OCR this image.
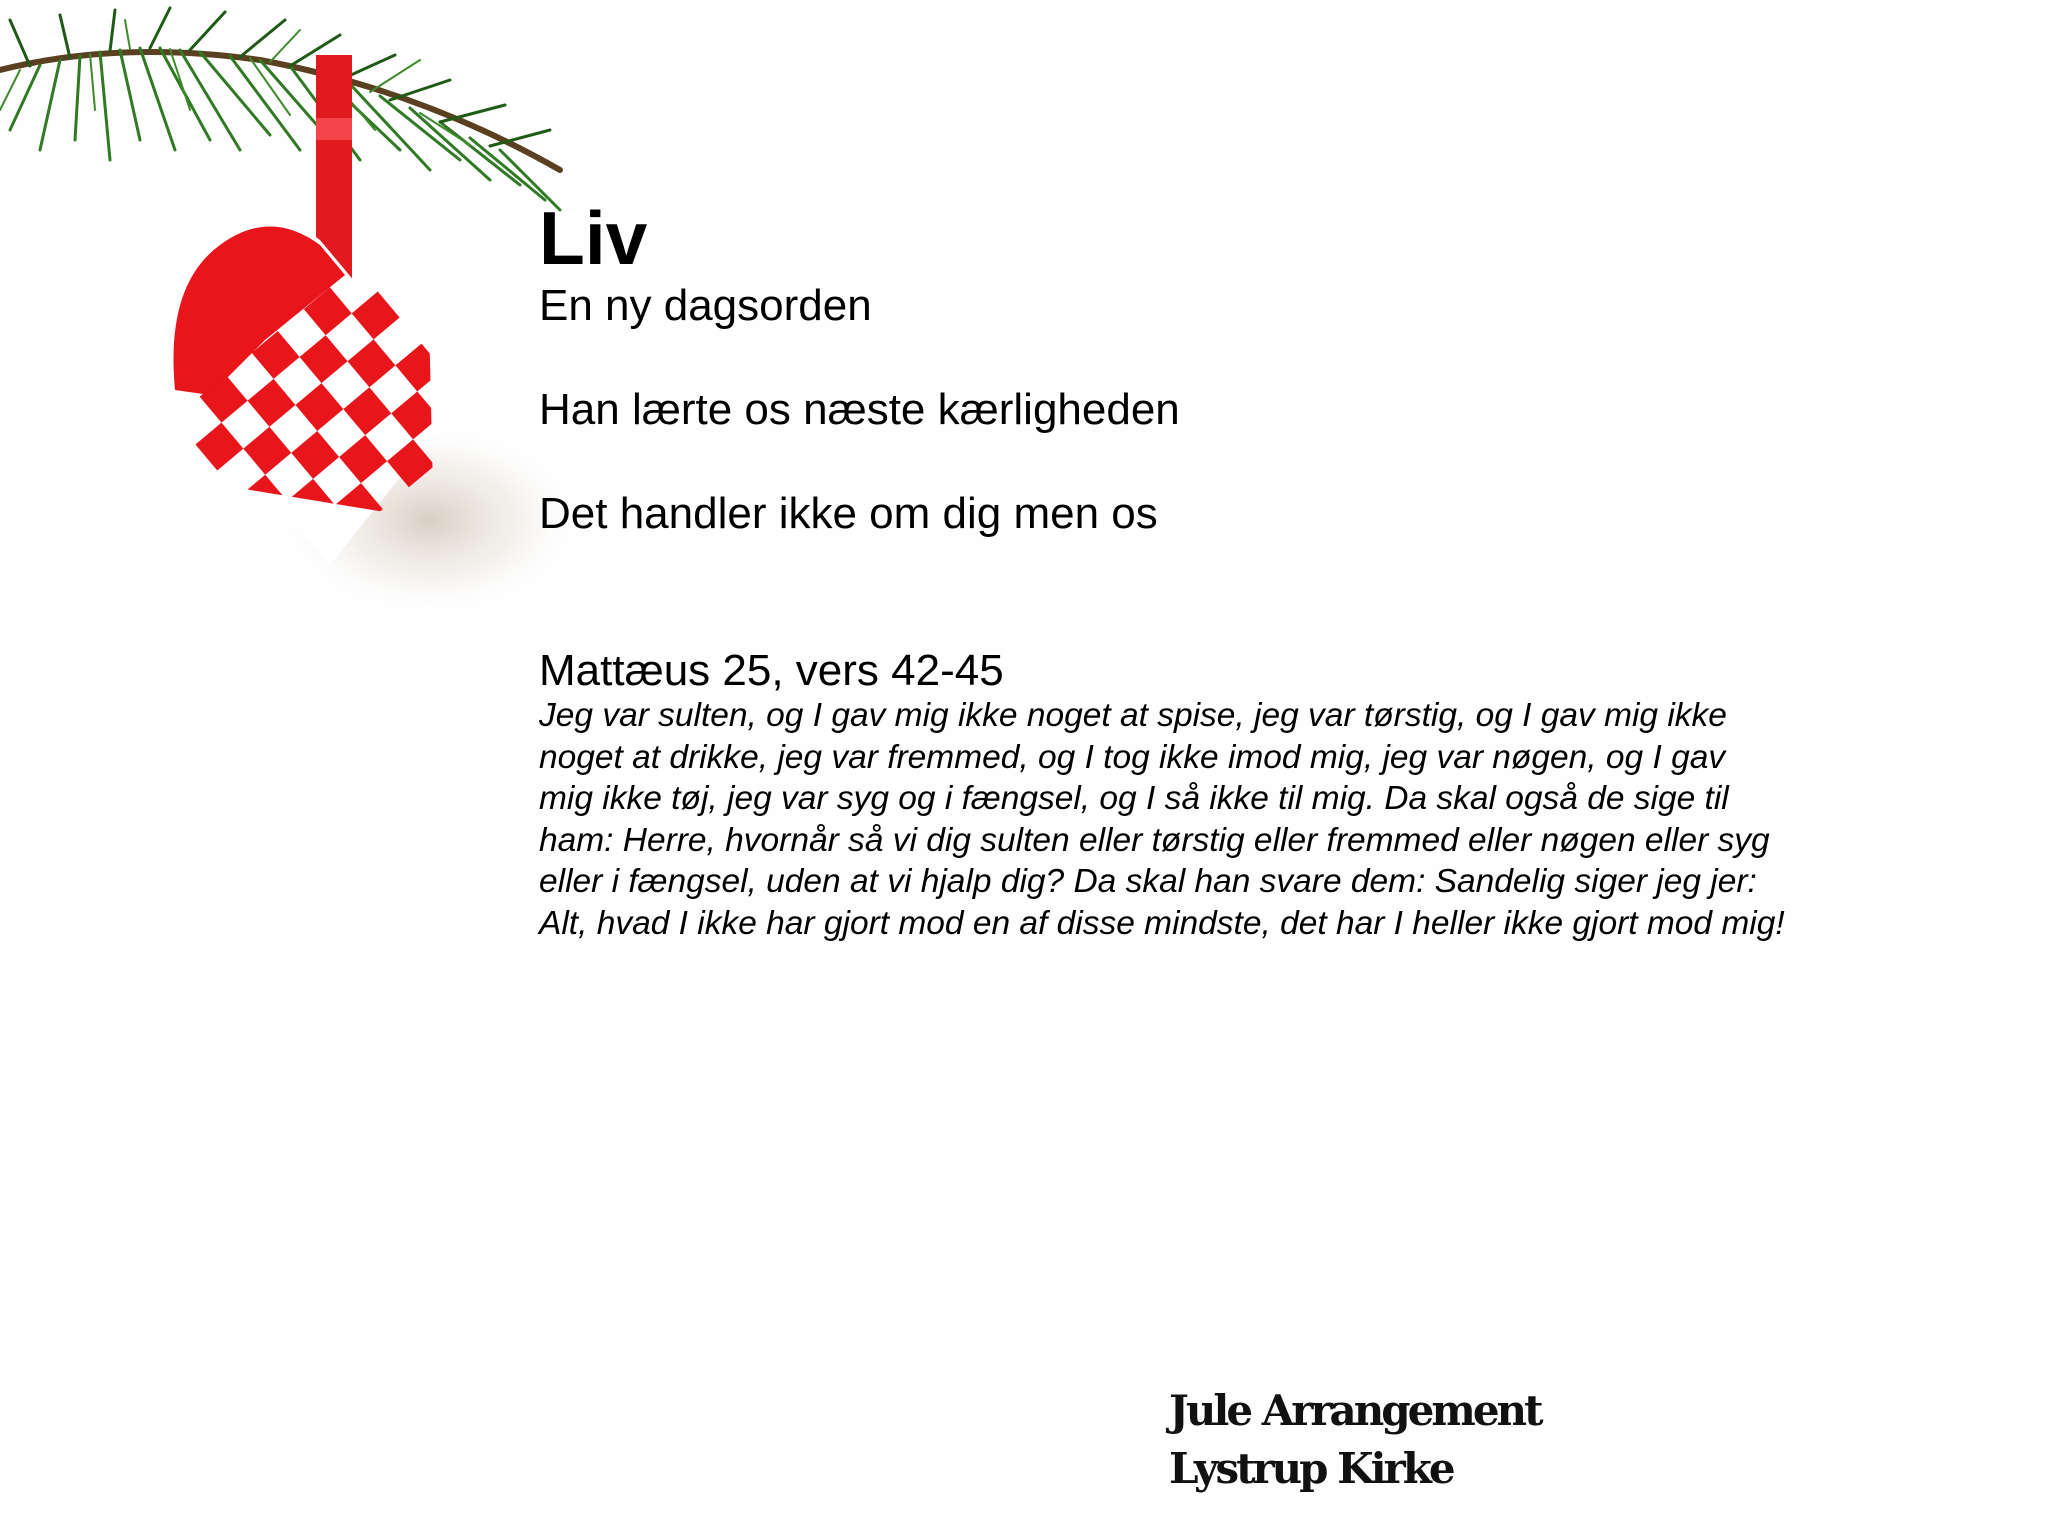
Liv

En ny dagsorden

Han lærte os næste kærligheden

Det handler ikke om dig men os

Mattæus 25, vers 42-45

Jeg var sulten, og I gav mig ikke noget at spise, jeg var tørstig, og I gav mig ikke
noget at drikke, jeg var fremmed, og I tog ikke imod mig, jeg var nøgen, og I gav
mig ikke tøj, jeg var syg og i fængsel, og I så ikke til mig. Da skal også de sige til
ham: Herre, hvornår så vi dig sulten eller tørstig eller fremmed eller nøgen eller syg
eller i fængsel, uden at vi hjalp dig? Da skal han svare dem: Sandelig siger jeg jer:
Alt, hvad I ikke har gjort mod en af disse mindste, det har I heller ikke gjort mod mig!
Jule Arrangement
Lystrup Kirke
